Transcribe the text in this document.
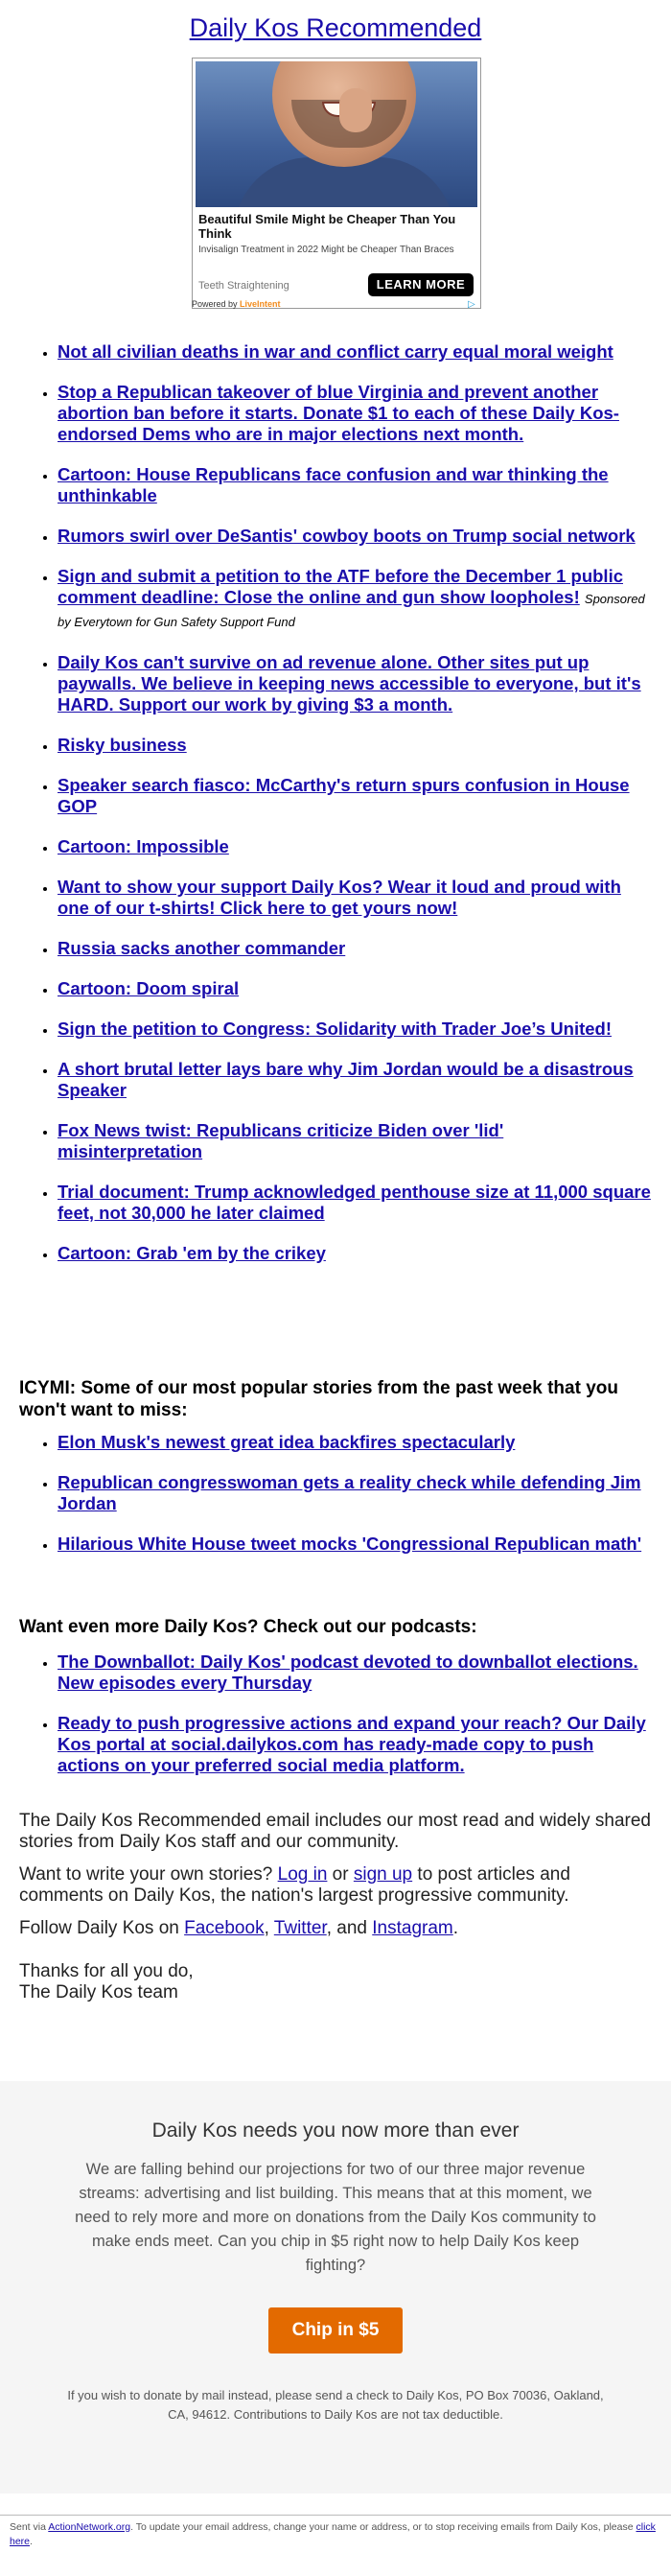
Daily Kos Recommended
Beautiful Smile Might be Cheaper Than You Think
Invisalign Treatment in 2022 Might be Cheaper Than Braces
Teeth Straightening	LEARN MORE
Powered by LiveIntent	▷
• Not all civilian deaths in war and conflict carry equal moral weight
• Stop a Republican takeover of blue Virginia and prevent another abortion ban before it starts. Donate $1 to each of these Daily Kos-endorsed Dems who are in major elections next month.
• Cartoon: House Republicans face confusion and war thinking the unthinkable
• Rumors swirl over DeSantis' cowboy boots on Trump social network
• Sign and submit a petition to the ATF before the December 1 public comment deadline: Close the online and gun show loopholes! Sponsored by Everytown for Gun Safety Support Fund
• Daily Kos can't survive on ad revenue alone. Other sites put up paywalls. We believe in keeping news accessible to everyone, but it's HARD. Support our work by giving $3 a month.
• Risky business
• Speaker search fiasco: McCarthy's return spurs confusion in House GOP
• Cartoon: Impossible
• Want to show your support Daily Kos? Wear it loud and proud with one of our t-shirts! Click here to get yours now!
• Russia sacks another commander
• Cartoon: Doom spiral
• Sign the petition to Congress: Solidarity with Trader Joe’s United!
• A short brutal letter lays bare why Jim Jordan would be a disastrous Speaker
• Fox News twist: Republicans criticize Biden over 'lid' misinterpretation
• Trial document: Trump acknowledged penthouse size at 11,000 square feet, not 30,000 he later claimed
• Cartoon: Grab 'em by the crikey
ICYMI: Some of our most popular stories from the past week that you won't want to miss:
• Elon Musk's newest great idea backfires spectacularly
• Republican congresswoman gets a reality check while defending Jim Jordan
• Hilarious White House tweet mocks 'Congressional Republican math'
Want even more Daily Kos? Check out our podcasts:
• The Downballot: Daily Kos' podcast devoted to downballot elections. New episodes every Thursday
• Ready to push progressive actions and expand your reach? Our Daily Kos portal at social.dailykos.com has ready-made copy to push actions on your preferred social media platform.
The Daily Kos Recommended email includes our most read and widely shared stories from Daily Kos staff and our community.
Want to write your own stories? Log in or sign up to post articles and comments on Daily Kos, the nation's largest progressive community.
Follow Daily Kos on Facebook, Twitter, and Instagram.
Thanks for all you do,
The Daily Kos team
Daily Kos needs you now more than ever
We are falling behind our projections for two of our three major revenue streams: advertising and list building. This means that at this moment, we need to rely more and more on donations from the Daily Kos community to make ends meet. Can you chip in $5 right now to help Daily Kos keep fighting?
Chip in $5
If you wish to donate by mail instead, please send a check to Daily Kos, PO Box 70036, Oakland, CA, 94612. Contributions to Daily Kos are not tax deductible.
Sent via ActionNetwork.org. To update your email address, change your name or address, or to stop receiving emails from Daily Kos, please click here.
